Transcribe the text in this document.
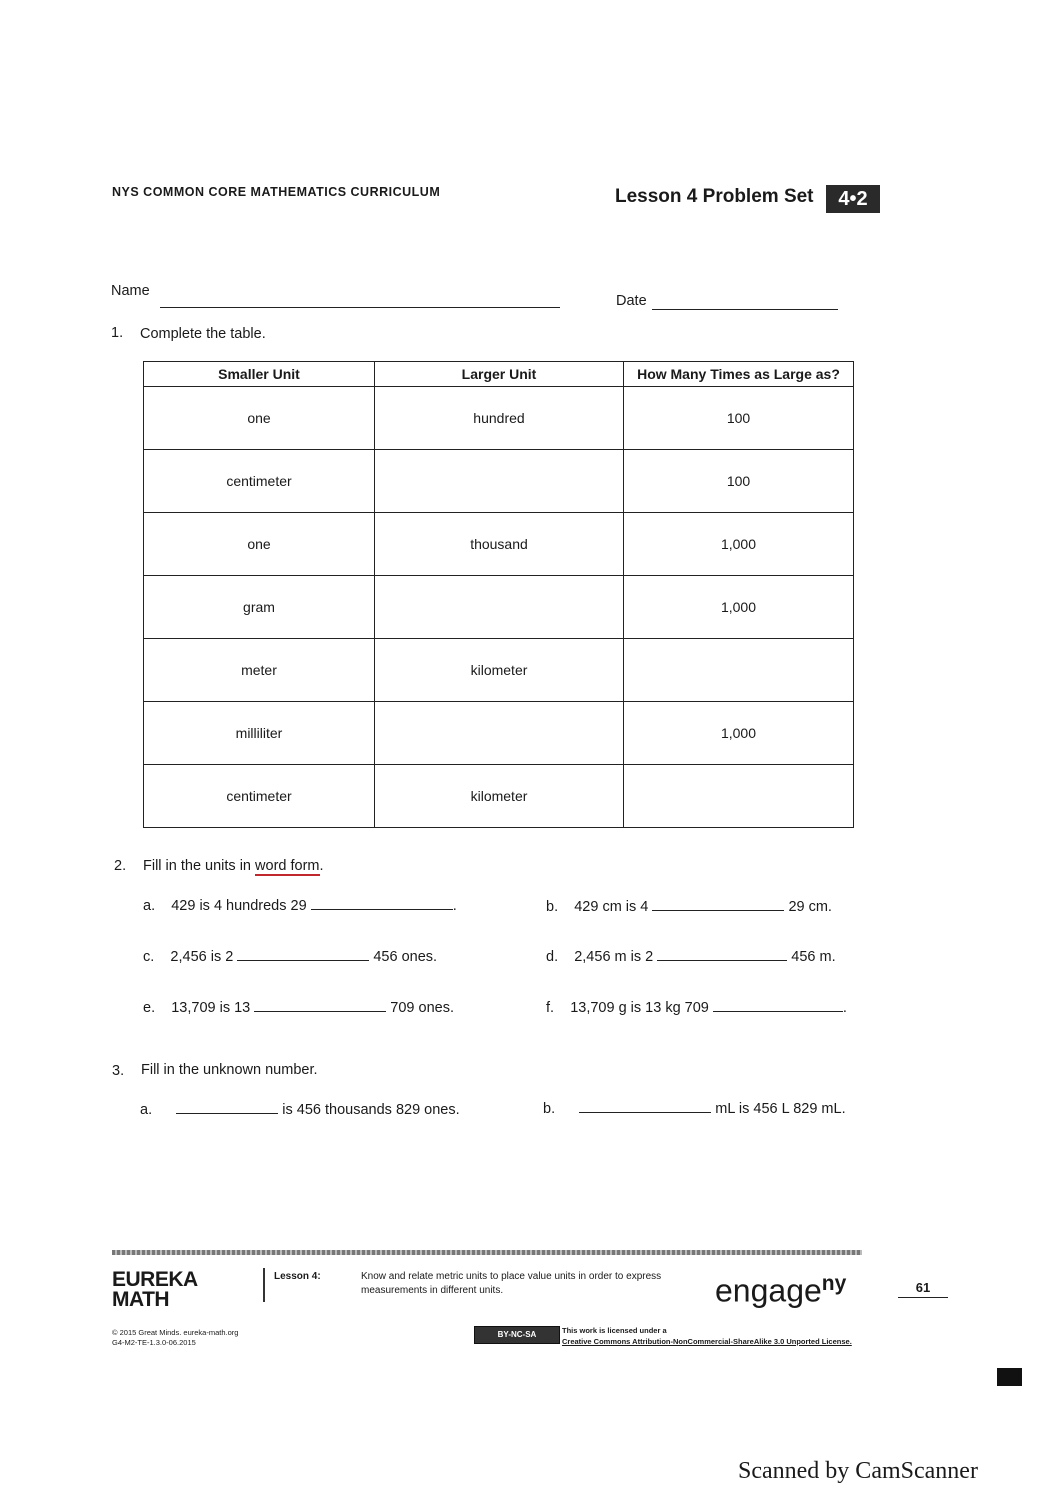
NYS COMMON CORE MATHEMATICS CURRICULUM	Lesson 4 Problem Set	4•2
Name
Date
1. Complete the table.
Smaller Unit	Larger Unit	How Many Times as Large as?
one	hundred	100
centimeter		100
one	thousand	1,000
gram		1,000
meter	kilometer	
milliliter		1,000
centimeter	kilometer	
2. Fill in the units in word form.
a. 429 is 4 hundreds 29	.	b. 429 cm is 4	29 cm.
c. 2,456 is 2	456 ones.	d. 2,456 m is 2	456 m.
e. 13,709 is 13	709 ones.	f. 13,709 g is 13 kg 709	.
3. Fill in the unknown number.
a.	is 456 thousands 829 ones.	b.	mL is 456 L 829 mL.
EUREKA
MATH
Lesson 4:	Know and relate metric units to place value units in order to express measurements in different units.	engage$^{ny}$	61
© 2015 Great Minds. eureka-math.org
G4-M2-TE-1.3.0-06.2015
BY-NC-SA	This work is licensed under a
Creative Commons Attribution-NonCommercial-ShareAlike 3.0 Unported License.
Scanned by CamScanner
